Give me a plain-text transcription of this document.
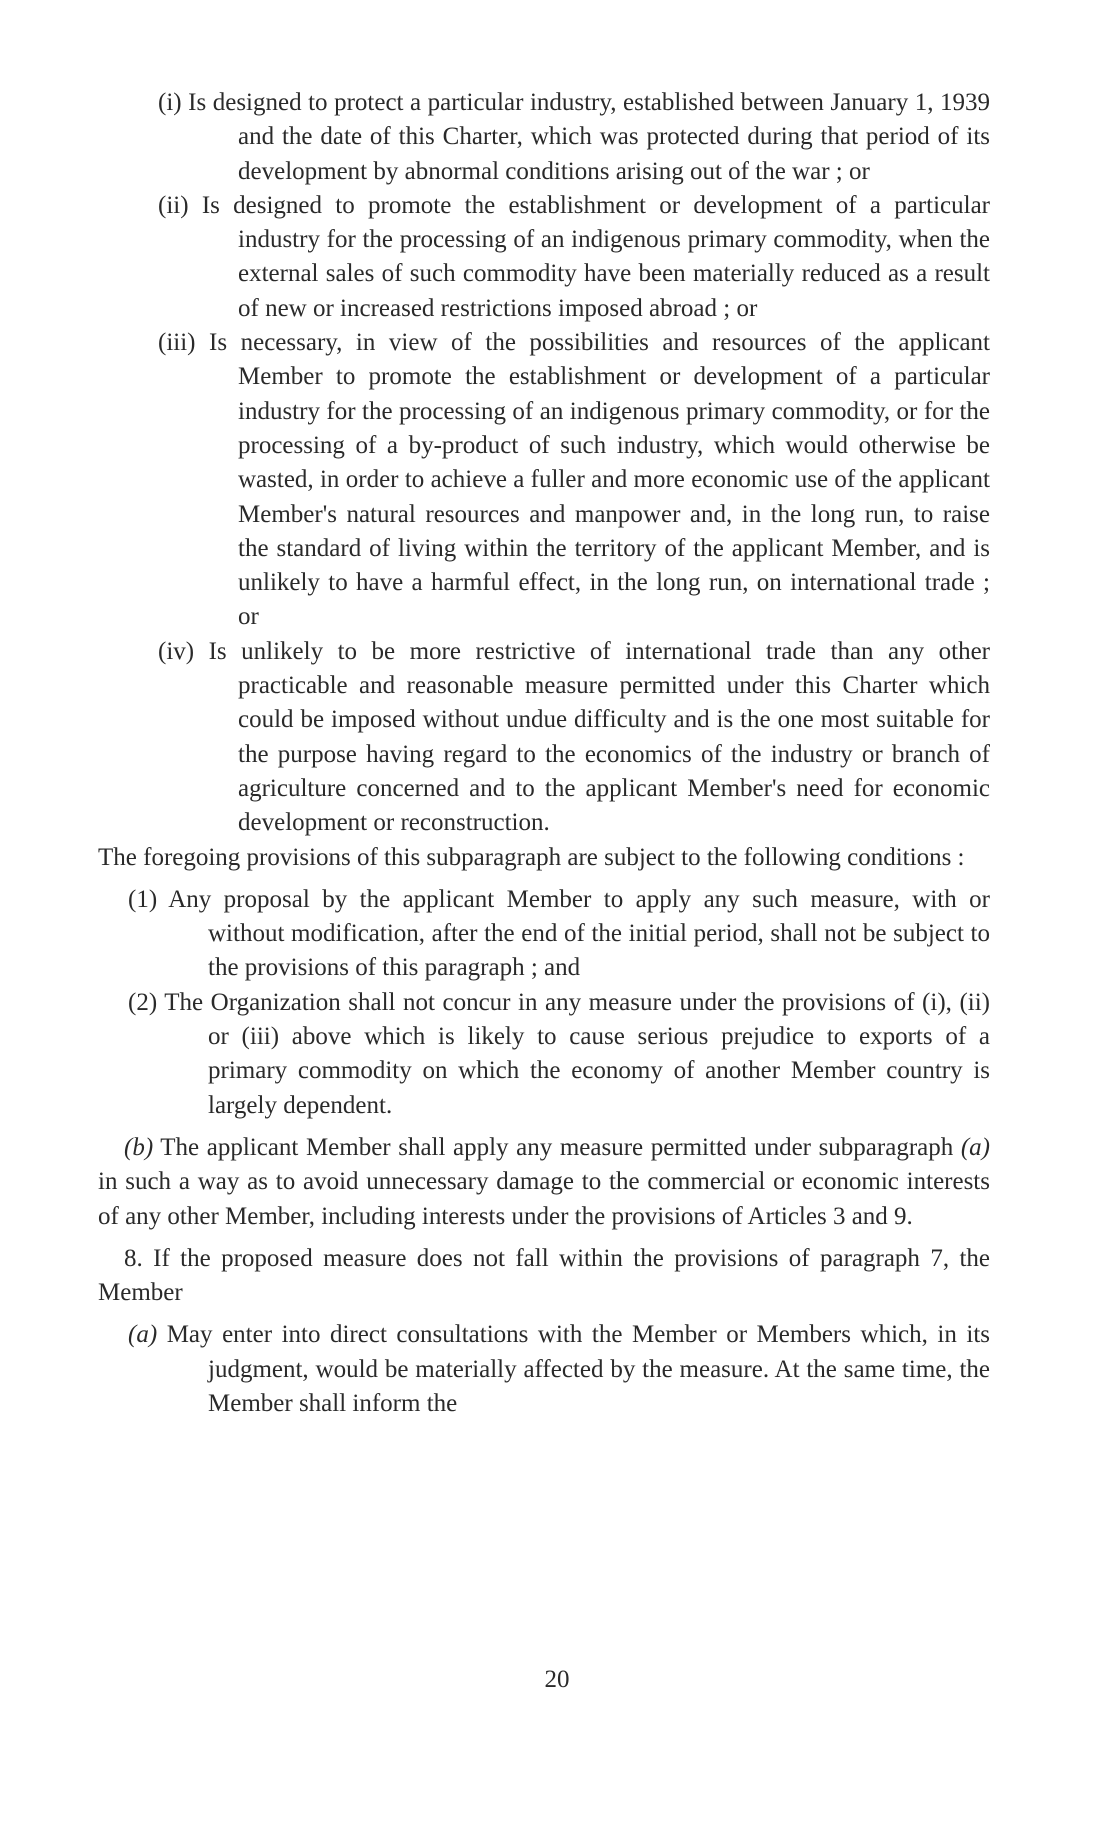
(i) Is designed to protect a particular industry, established between January 1, 1939 and the date of this Charter, which was protected during that period of its development by abnormal conditions arising out of the war ; or
(ii) Is designed to promote the establishment or development of a particular industry for the processing of an indigenous primary commodity, when the external sales of such commodity have been materially reduced as a result of new or increased restrictions imposed abroad ; or
(iii) Is necessary, in view of the possibilities and resources of the applicant Member to promote the establishment or development of a particular industry for the processing of an indigenous primary commodity, or for the processing of a by-product of such industry, which would otherwise be wasted, in order to achieve a fuller and more economic use of the applicant Member's natural resources and manpower and, in the long run, to raise the standard of living within the territory of the applicant Member, and is unlikely to have a harmful effect, in the long run, on international trade ; or
(iv) Is unlikely to be more restrictive of international trade than any other practicable and reasonable measure permitted under this Charter which could be imposed without undue difficulty and is the one most suitable for the purpose having regard to the economics of the industry or branch of agriculture concerned and to the applicant Member's need for economic development or reconstruction.
The foregoing provisions of this subparagraph are subject to the following conditions :
(1) Any proposal by the applicant Member to apply any such measure, with or without modification, after the end of the initial period, shall not be subject to the provisions of this paragraph ; and
(2) The Organization shall not concur in any measure under the provisions of (i), (ii) or (iii) above which is likely to cause serious prejudice to exports of a primary commodity on which the economy of another Member country is largely dependent.
(b) The applicant Member shall apply any measure permitted under subparagraph (a) in such a way as to avoid unnecessary damage to the commercial or economic interests of any other Member, including interests under the provisions of Articles 3 and 9.
8. If the proposed measure does not fall within the provisions of paragraph 7, the Member
(a) May enter into direct consultations with the Member or Members which, in its judgment, would be materially affected by the measure. At the same time, the Member shall inform the
20
